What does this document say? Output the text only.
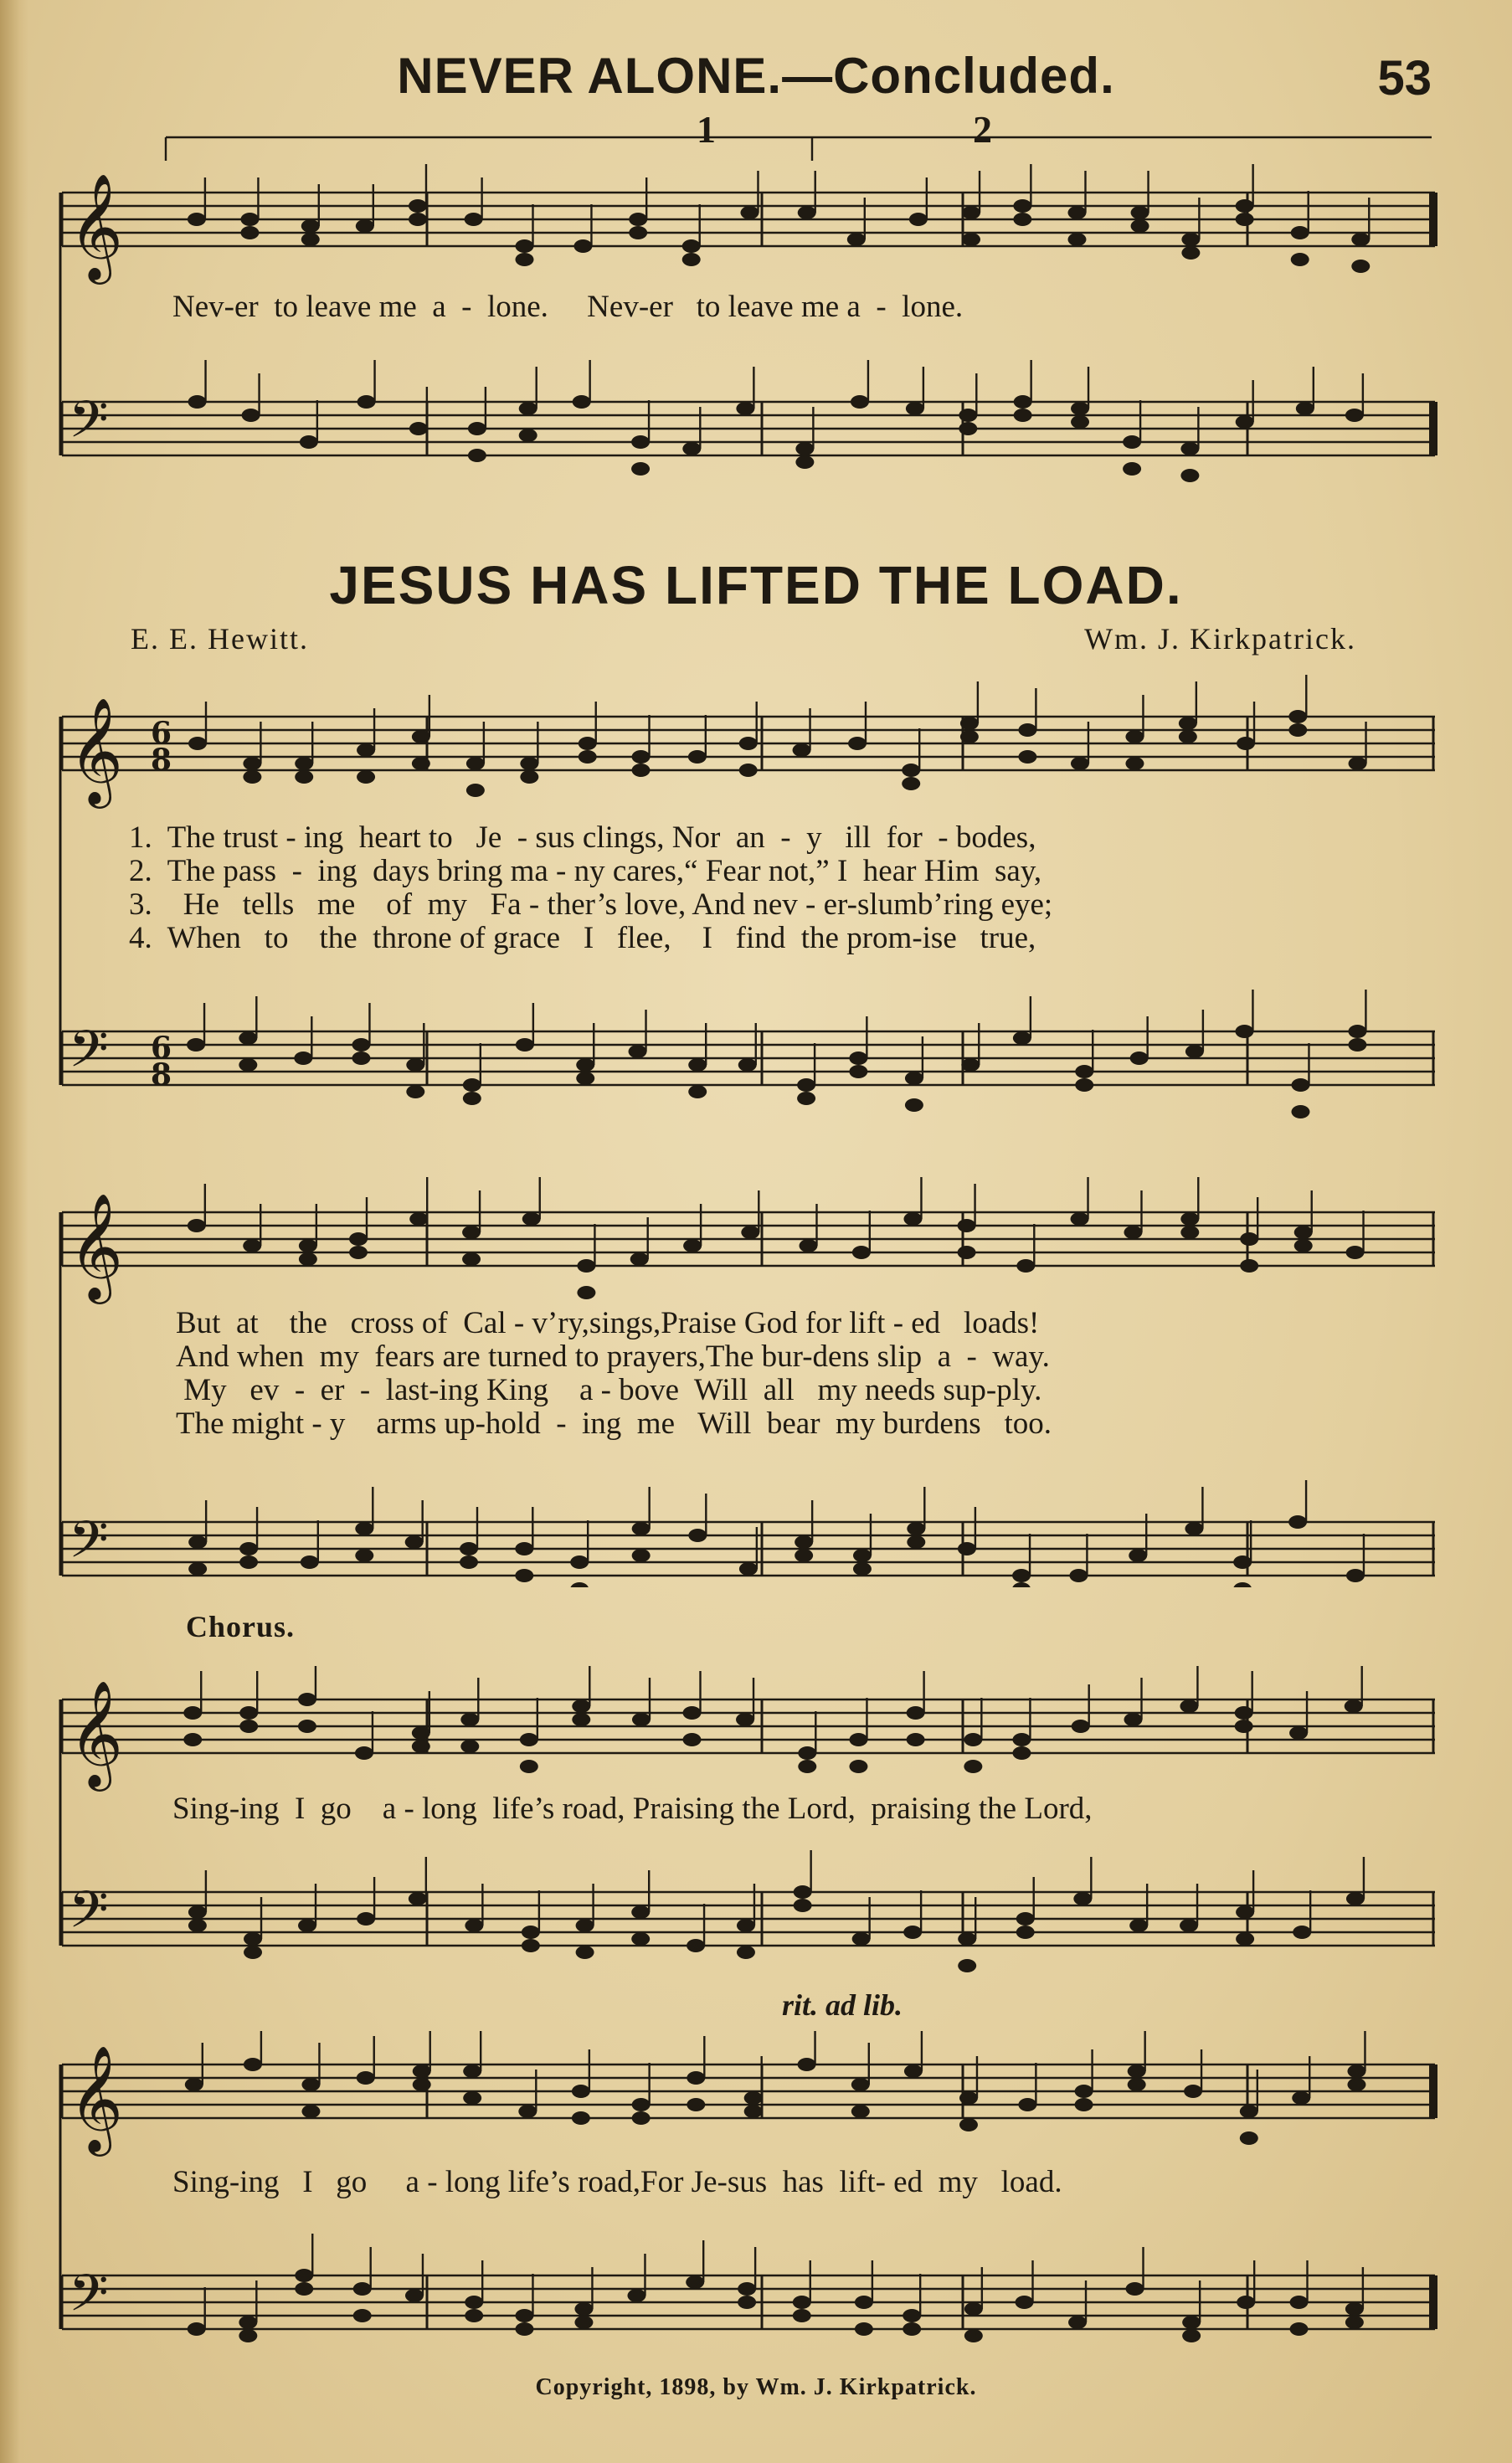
NEVER ALONE.—Concluded.	53
𝄞
𝄢
1	2
Nev-er  to leave me  a  -  lone.     Nev-er   to leave me a  -  lone.
JESUS HAS LIFTED THE LOAD.
E. E. Hewitt.	Wm. J. Kirkpatrick.
𝄞 6
8
𝄢 6
8
1.  The trust - ing  heart to   Je  - sus clings, Nor  an  -  y   ill  for  - bodes,
2.  The pass  -  ing  days bring ma - ny cares,“ Fear not,” I  hear Him  say,
3.    He   tells   me    of  my   Fa - ther’s love, And nev - er-slumb’ring eye;
4.  When   to    the  throne of grace   I   flee,    I   find  the prom-ise   true,
𝄞
𝄢
But  at    the   cross of  Cal - v’ry,sings,Praise God for lift - ed   loads!
And when  my  fears are turned to prayers,The bur-dens slip  a  -  way.
My   ev  -  er  -  last-ing King    a - bove  Will  all   my needs sup-ply.
The might - y    arms up-hold  -  ing  me   Will  bear  my burdens   too.
Chorus.
𝄞
𝄢
Sing-ing  I  go    a - long  life’s road, Praising the Lord,  praising the Lord,
rit. ad lib.
𝄞
𝄢
Sing-ing   I   go     a - long life’s road,For Je-sus  has  lift- ed  my   load.
Copyright, 1898, by Wm. J. Kirkpatrick.
